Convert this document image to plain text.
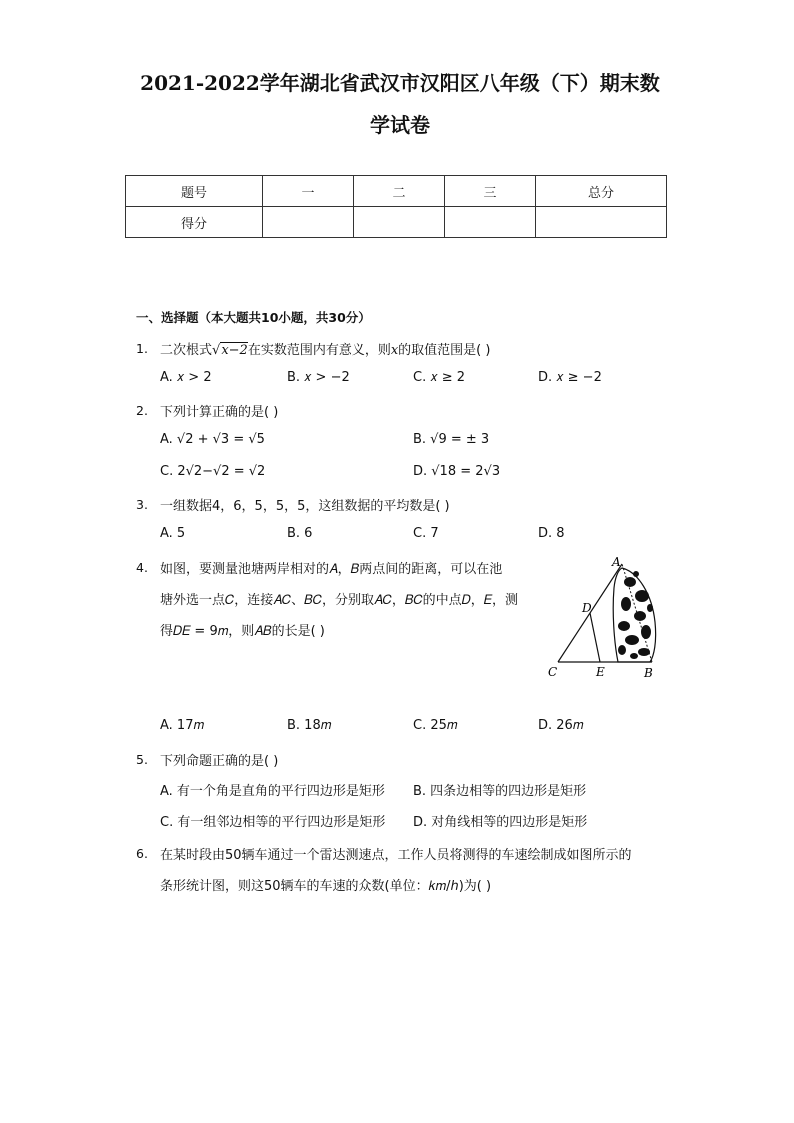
2021-2022学年湖北省武汉市汉阳区八年级（下）期末数
学试卷
题号	一	二	三	总分
得分				
一、选择题（本大题共10小题，共30分）
1. 二次根式√x−2在实数范围内有意义，则x的取值范围是( )
A. 𝑥 > 2	B. 𝑥 > −2	C. 𝑥 ≥ 2	D. 𝑥 ≥ −2
2. 下列计算正确的是( )
A. √2 + √3 = √5	B. √9 = ± 3
C. 2√2−√2 = √2	D. √18 = 2√3
3. 一组数据4，6，5，5，5，这组数据的平均数是( )
A. 5	B. 6	C. 7	D. 8
4. 如图，要测量池塘两岸相对的𝐴，𝐵两点间的距离，可以在池
塘外选一点𝐶，连接𝐴𝐶、𝐵𝐶，分别取𝐴𝐶，𝐵𝐶的中点𝐷，𝐸，测
得𝐷𝐸 = 9𝑚，则𝐴𝐵的长是( )
A
D
C	E	B
A. 17𝑚	B. 18𝑚	C. 25𝑚	D. 26𝑚
5. 下列命题正确的是( )
A. 有一个角是直角的平行四边形是矩形 B. 四条边相等的四边形是矩形
C. 有一组邻边相等的平行四边形是矩形 D. 对角线相等的四边形是矩形
6. 在某时段由50辆车通过一个雷达测速点，工作人员将测得的车速绘制成如图所示的
条形统计图，则这50辆车的车速的众数(单位：𝑘𝑚/ℎ)为( )
